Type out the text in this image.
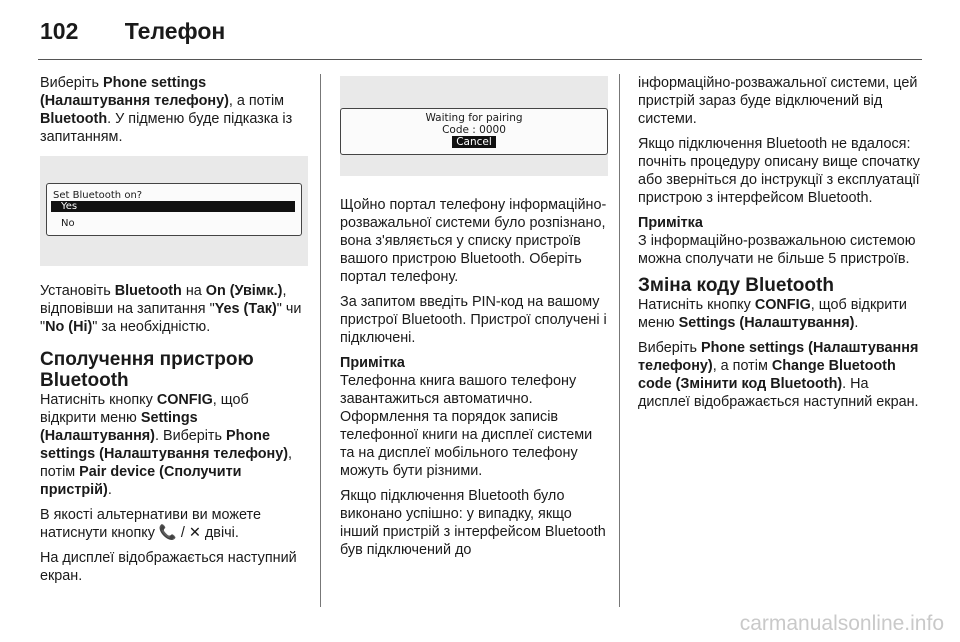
102 Телефон

Виберіть Phone settings (Налаштування телефону), а потім Bluetooth. У підменю буде підказка із запитанням.

Set Bluetooth on?
Yes
No

Установіть Bluetooth на On (Увімк.), відповівши на запитання "Yes (Так)" чи "No (Ні)" за необхідністю.

Сполучення пристрою Bluetooth

Натисніть кнопку CONFIG, щоб відкрити меню Settings (Налаштування). Виберіть Phone settings (Налаштування телефону), потім Pair device (Сполучити пристрій).

В якості альтернативи ви можете натиснути кнопку 📞 / ✕ двічі.

На дисплеї відображається наступний екран.

Waiting for pairing
Code : 0000
Cancel

Щойно портал телефону інформаційно-розважальної системи було розпізнано, вона з'являється у списку пристроїв вашого пристрою Bluetooth. Оберіть портал телефону.

За запитом введіть PIN-код на вашому пристрої Bluetooth. Пристрої сполучені і підключені.

Примітка
Телефонна книга вашого телефону завантажиться автоматично. Оформлення та порядок записів телефонної книги на дисплеї системи та на дисплеї мобільного телефону можуть бути різними.

Якщо підключення Bluetooth було виконано успішно: у випадку, якщо інший пристрій з інтерфейсом Bluetooth був підключений до

інформаційно-розважальної системи, цей пристрій зараз буде відключений від системи.

Якщо підключення Bluetooth не вдалося: почніть процедуру описану вище спочатку або зверніться до інструкції з експлуатації пристрою з інтерфейсом Bluetooth.

Примітка
З інформаційно-розважальною системою можна сполучати не більше 5 пристроїв.

Зміна коду Bluetooth

Натисніть кнопку CONFIG, щоб відкрити меню Settings (Налаштування).

Виберіть Phone settings (Налаштування телефону), а потім Change Bluetooth code (Змінити код Bluetooth). На дисплеї відображається наступний екран.

carmanualsonline.info
